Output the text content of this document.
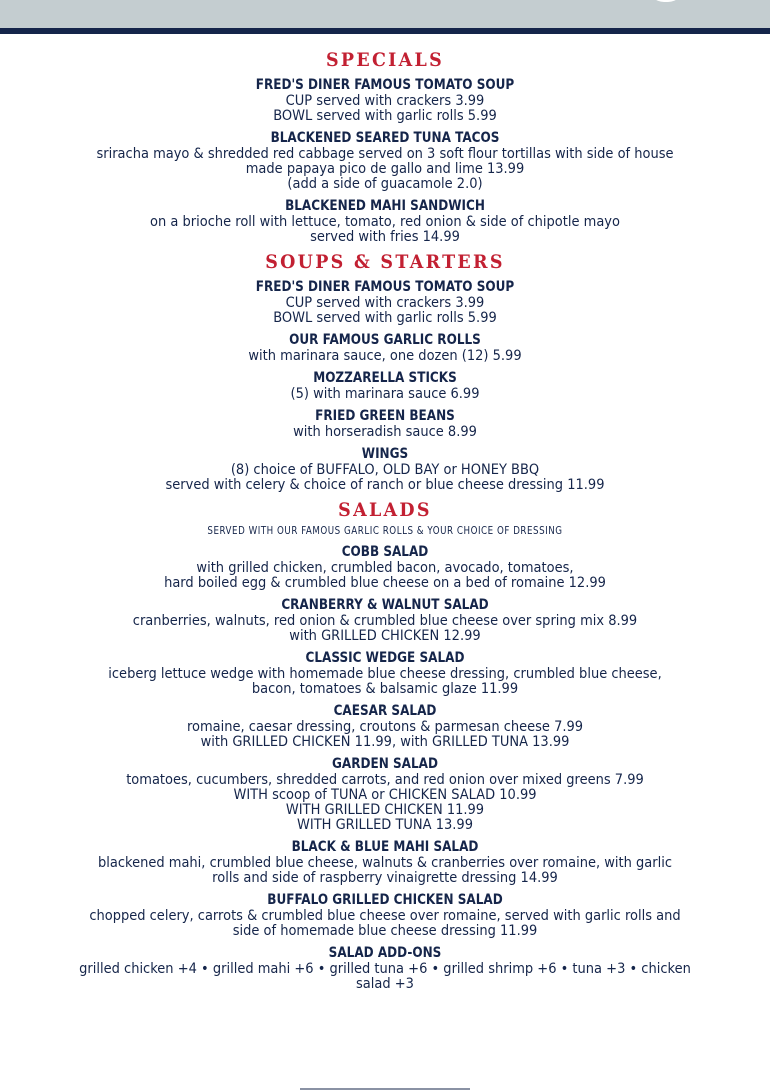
SPECIALS

FRED'S DINER FAMOUS TOMATO SOUP

CUP served with crackers 3.99

BOWL served with garlic rolls 5.99

BLACKENED SEARED TUNA TACOS

sriracha mayo & shredded red cabbage served on 3 soft flour tortillas with side of house

made papaya pico de gallo and lime 13.99

(add a side of guacamole 2.0)

BLACKENED MAHI SANDWICH

on a brioche roll with lettuce, tomato, red onion & side of chipotle mayo

served with fries 14.99

SOUPS & STARTERS

FRED'S DINER FAMOUS TOMATO SOUP

CUP served with crackers 3.99

BOWL served with garlic rolls 5.99

OUR FAMOUS GARLIC ROLLS

with marinara sauce, one dozen (12) 5.99

MOZZARELLA STICKS

(5) with marinara sauce 6.99

FRIED GREEN BEANS

with horseradish sauce 8.99

WINGS

(8) choice of BUFFALO, OLD BAY or HONEY BBQ

served with celery & choice of ranch or blue cheese dressing 11.99

SALADS

SERVED WITH OUR FAMOUS GARLIC ROLLS & YOUR CHOICE OF DRESSING

COBB SALAD

with grilled chicken, crumbled bacon, avocado, tomatoes,

hard boiled egg & crumbled blue cheese on a bed of romaine 12.99

CRANBERRY & WALNUT SALAD

cranberries, walnuts, red onion & crumbled blue cheese over spring mix 8.99

with GRILLED CHICKEN 12.99

CLASSIC WEDGE SALAD

iceberg lettuce wedge with homemade blue cheese dressing, crumbled blue cheese,

bacon, tomatoes & balsamic glaze 11.99

CAESAR SALAD

romaine, caesar dressing, croutons & parmesan cheese 7.99

with GRILLED CHICKEN 11.99, with GRILLED TUNA 13.99

GARDEN SALAD

tomatoes, cucumbers, shredded carrots, and red onion over mixed greens 7.99

WITH scoop of TUNA or CHICKEN SALAD 10.99

WITH GRILLED CHICKEN 11.99

WITH GRILLED TUNA 13.99

BLACK & BLUE MAHI SALAD

blackened mahi, crumbled blue cheese, walnuts & cranberries over romaine, with garlic

rolls and side of raspberry vinaigrette dressing 14.99

BUFFALO GRILLED CHICKEN SALAD

chopped celery, carrots & crumbled blue cheese over romaine, served with garlic rolls and

side of homemade blue cheese dressing 11.99

SALAD ADD-ONS

grilled chicken +4 • grilled mahi +6 • grilled tuna +6 • grilled shrimp +6 • tuna +3 • chicken

salad +3
